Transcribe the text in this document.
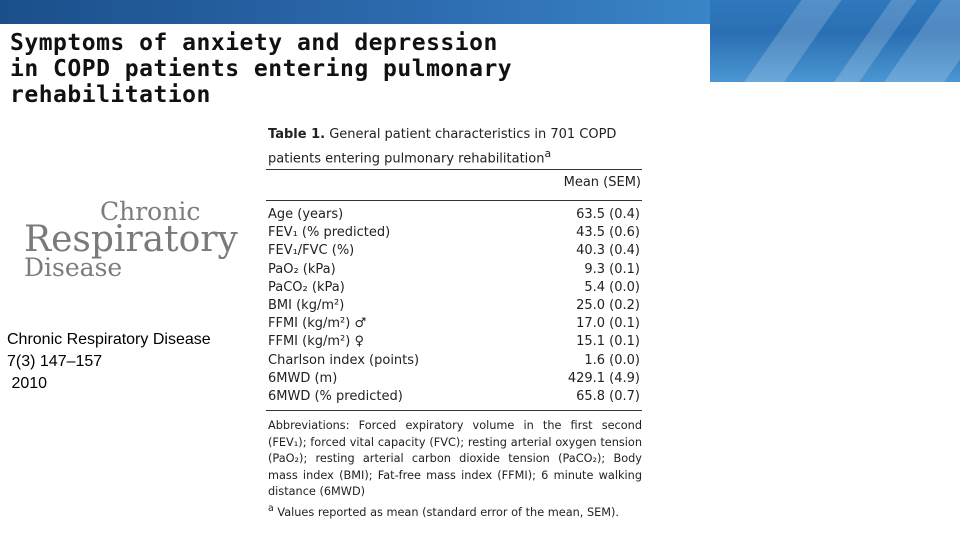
Symptoms of anxiety and depression
in COPD patients entering pulmonary
rehabilitation
Chronic
Respiratory
Disease
Chronic Respiratory Disease
7(3) 147–157
2010
Table 1. General patient characteristics in 701 COPD patients entering pulmonary rehabilitation$^a$
Mean (SEM)
Age (years)	63.5 (0.4)
FEV₁ (% predicted)	43.5 (0.6)
FEV₁/FVC (%)	40.3 (0.4)
PaO₂ (kPa)	9.3 (0.1)
PaCO₂ (kPa)	5.4 (0.0)
BMI (kg/m²)	25.0 (0.2)
FFMI (kg/m²) ♂	17.0 (0.1)
FFMI (kg/m²) ♀	15.1 (0.1)
Charlson index (points)	1.6 (0.0)
6MWD (m)	429.1 (4.9)
6MWD (% predicted)	65.8 (0.7)
Abbreviations: Forced expiratory volume in the first second (FEV₁); forced vital capacity (FVC); resting arterial oxygen tension (PaO₂); resting arterial carbon dioxide tension (PaCO₂); Body mass index (BMI); Fat-free mass index (FFMI); 6 minute walking distance (6MWD)
$^a$ Values reported as mean (standard error of the mean, SEM).
